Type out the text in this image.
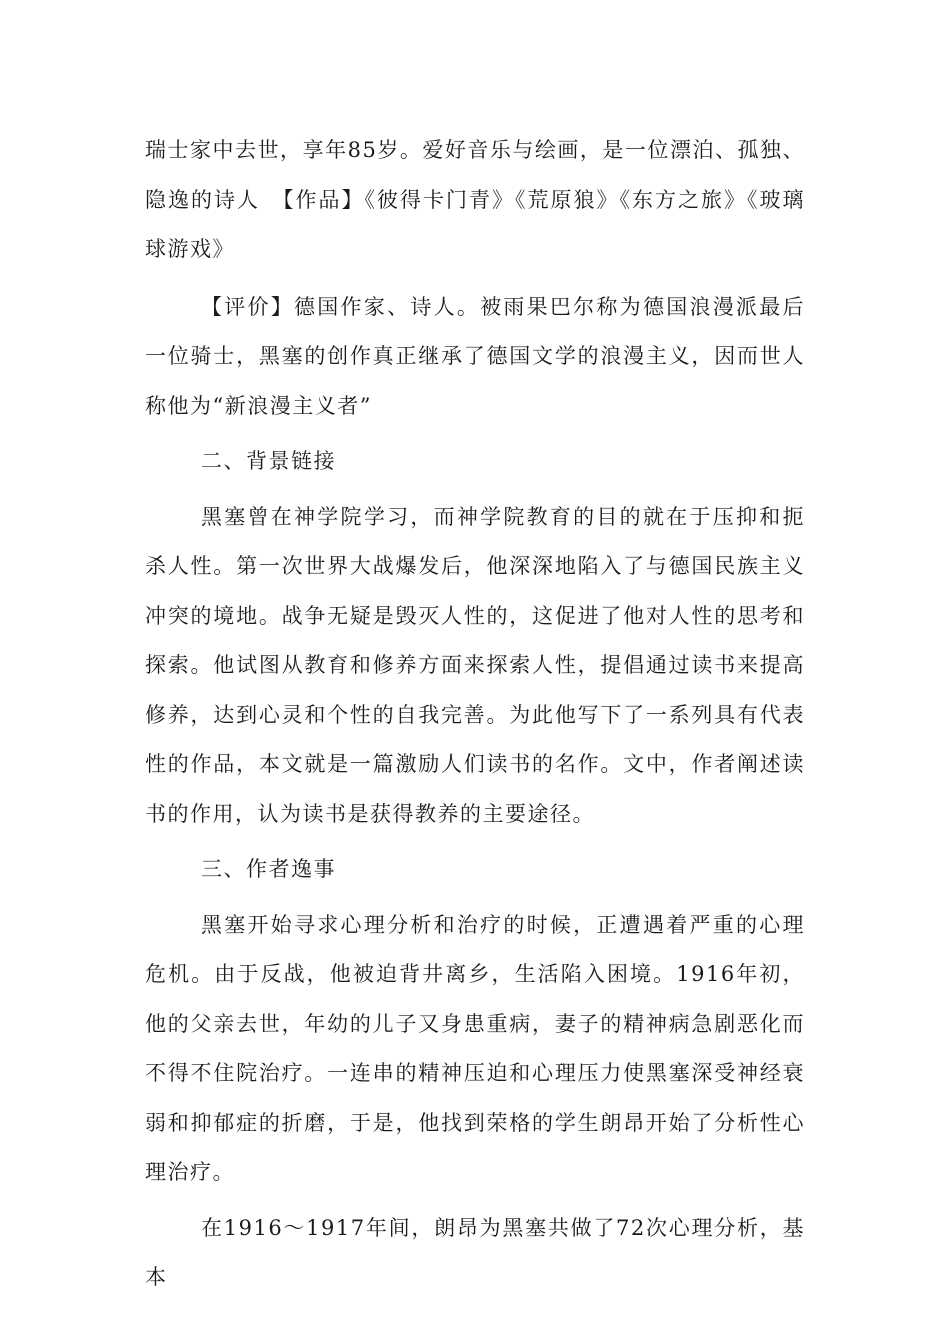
瑞士家中去世，享年85岁。爱好音乐与绘画，是一位漂泊、孤独、隐逸的诗人　【作品】《彼得卡门青》《荒原狼》《东方之旅》《玻璃球游戏》

【评价】德国作家、诗人。被雨果巴尔称为德国浪漫派最后一位骑士，黑塞的创作真正继承了德国文学的浪漫主义，因而世人称他为“新浪漫主义者”

二、背景链接

黑塞曾在神学院学习，而神学院教育的目的就在于压抑和扼杀人性。第一次世界大战爆发后，他深深地陷入了与德国民族主义冲突的境地。战争无疑是毁灭人性的，这促进了他对人性的思考和探索。他试图从教育和修养方面来探索人性，提倡通过读书来提高修养，达到心灵和个性的自我完善。为此他写下了一系列具有代表性的作品，本文就是一篇激励人们读书的名作。文中，作者阐述读书的作用，认为读书是获得教养的主要途径。

三、作者逸事

黑塞开始寻求心理分析和治疗的时候，正遭遇着严重的心理危机。由于反战，他被迫背井离乡，生活陷入困境。1916年初，他的父亲去世，年幼的儿子又身患重病，妻子的精神病急剧恶化而不得不住院治疗。一连串的精神压迫和心理压力使黑塞深受神经衰弱和抑郁症的折磨，于是，他找到荣格的学生朗昂开始了分析性心理治疗。

在1916～1917年间，朗昂为黑塞共做了72次心理分析，基本
